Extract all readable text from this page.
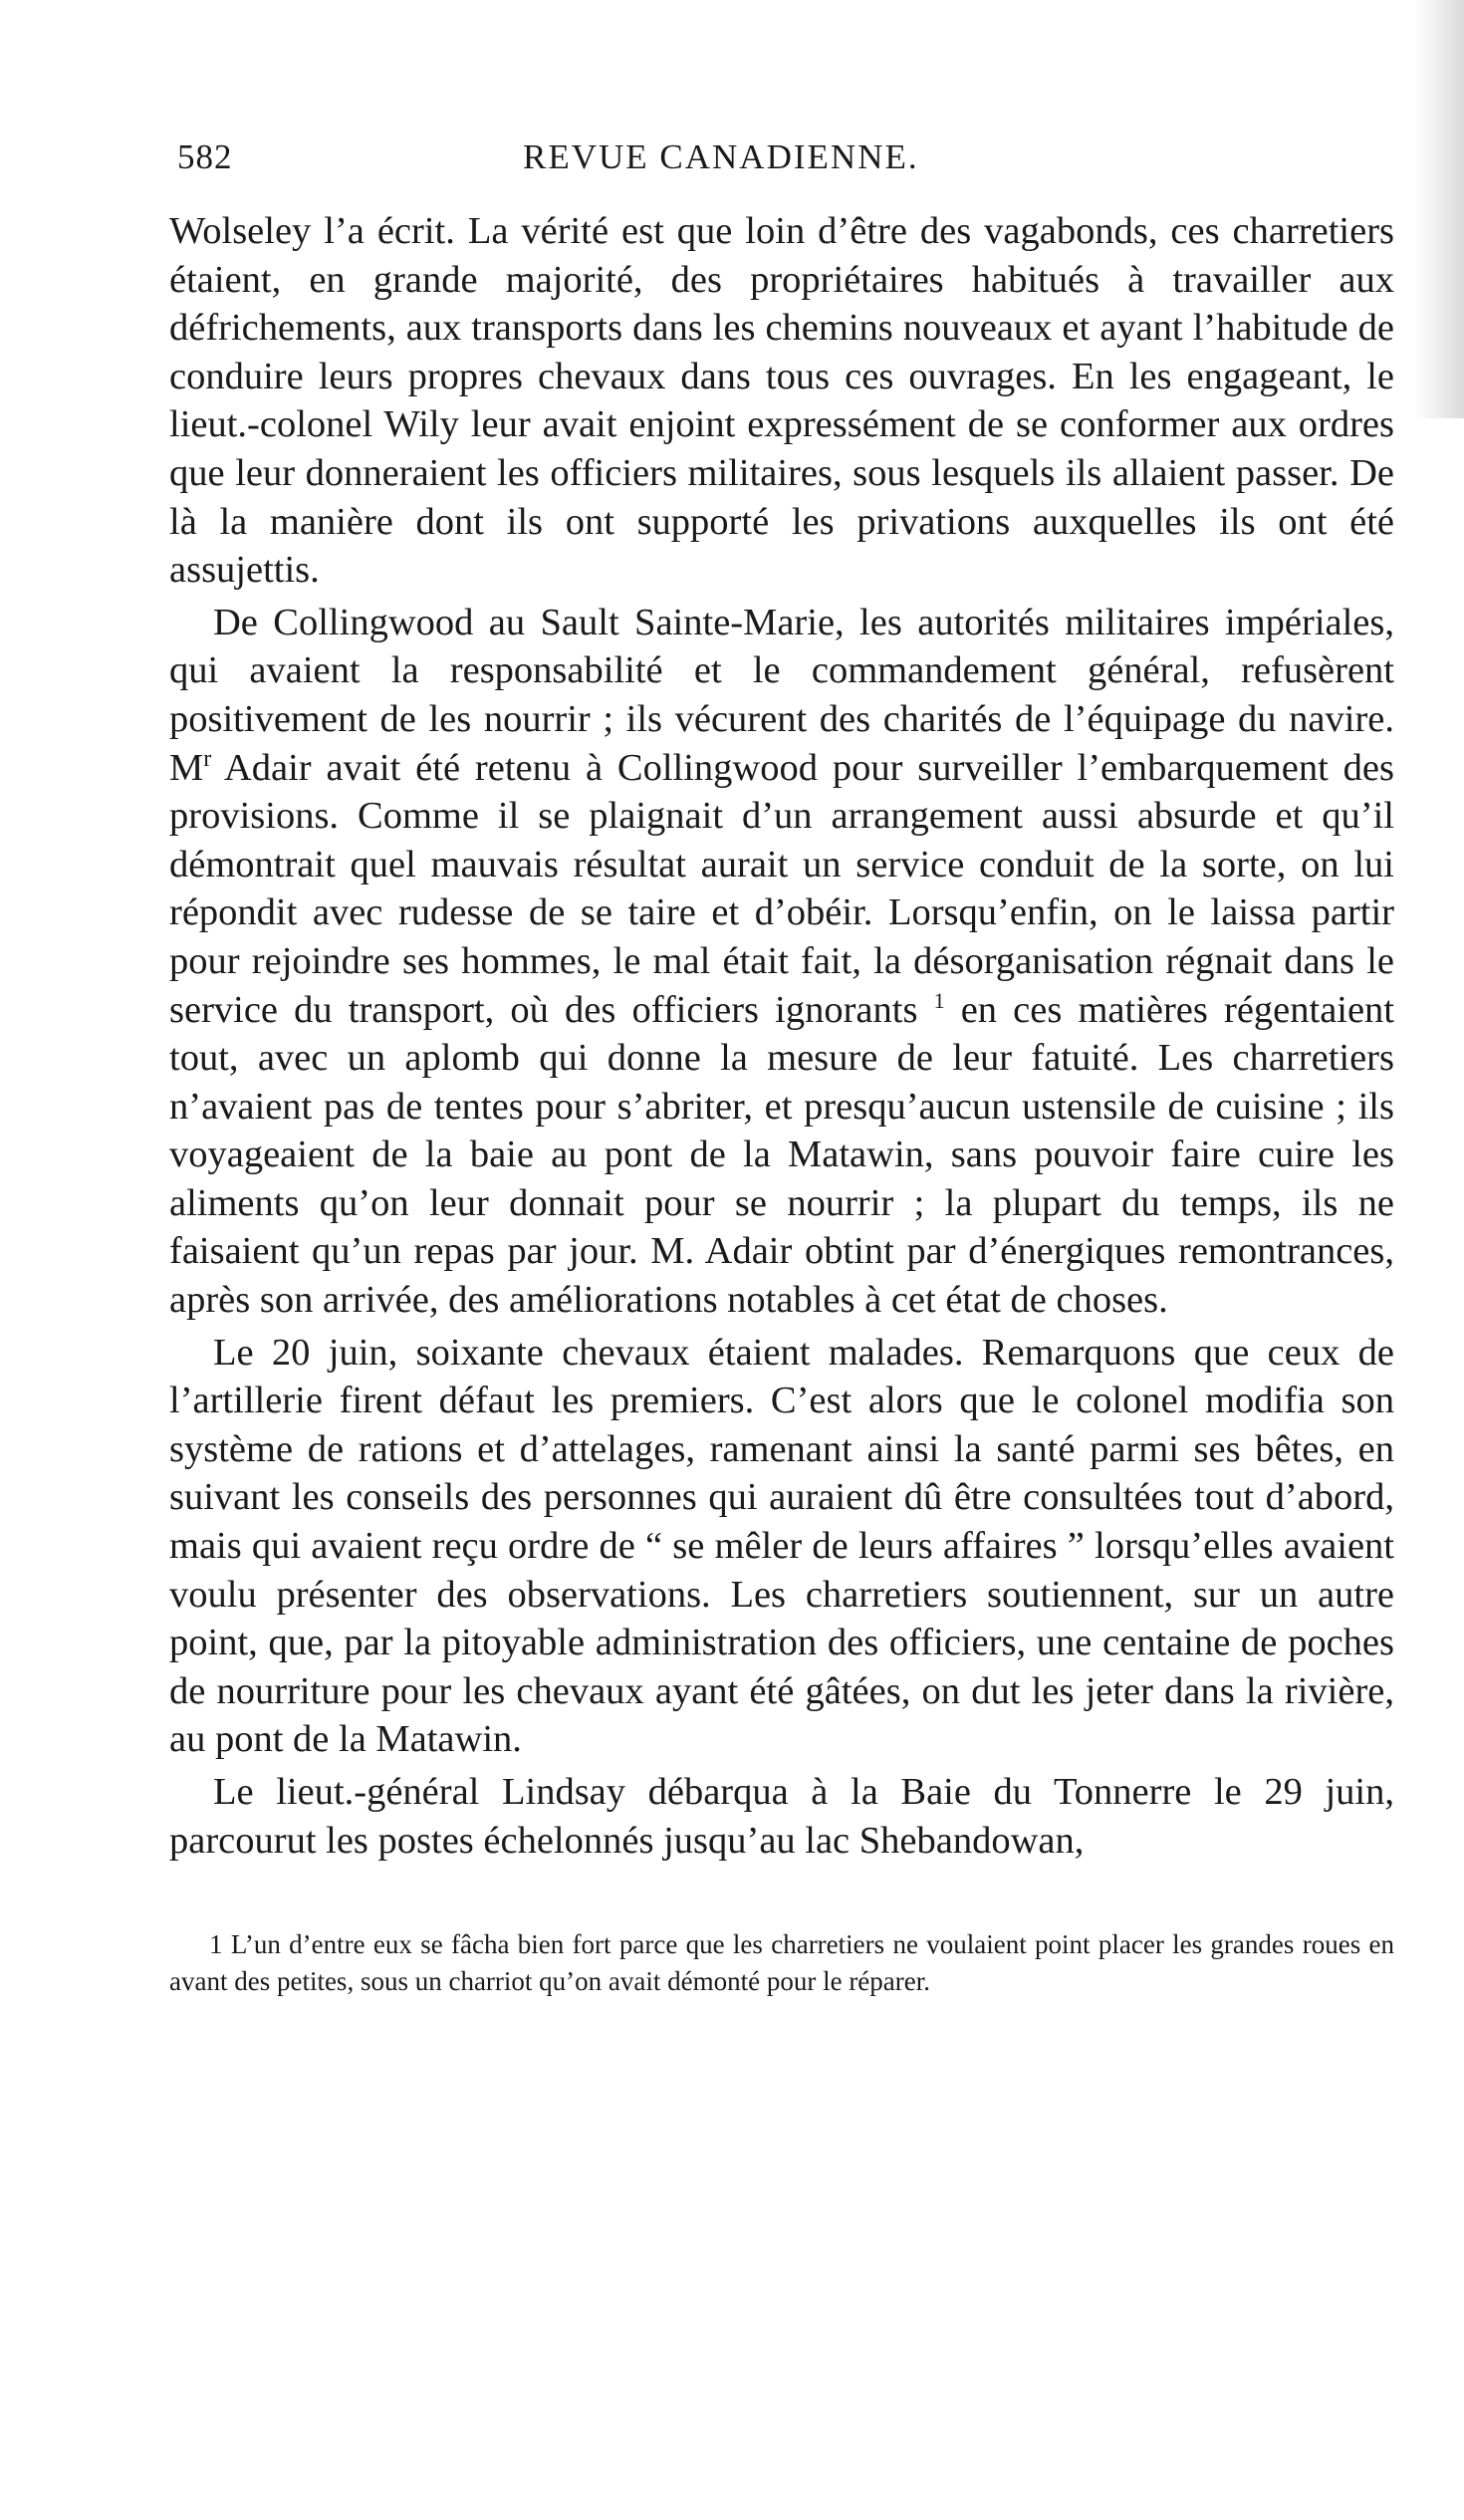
582	REVUE CANADIENNE.

Wolseley l’a écrit. La vérité est que loin d’être des vagabonds, ces charretiers étaient, en grande majorité, des propriétaires habitués à travailler aux défrichements, aux transports dans les chemins nouveaux et ayant l’habitude de conduire leurs propres chevaux dans tous ces ouvrages. En les engageant, le lieut.-colonel Wily leur avait enjoint expressément de se conformer aux ordres que leur donneraient les officiers militaires, sous lesquels ils allaient passer. De là la manière dont ils ont supporté les privations auxquelles ils ont été assujettis.

De Collingwood au Sault Sainte-Marie, les autorités militaires impériales, qui avaient la responsabilité et le commandement général, refusèrent positivement de les nourrir ; ils vécurent des charités de l’équipage du navire. $M^r$ Adair avait été retenu à Collingwood pour surveiller l’embarquement des provisions. Comme il se plaignait d’un arrangement aussi absurde et qu’il démontrait quel mauvais résultat aurait un service conduit de la sorte, on lui répondit avec rudesse de se taire et d’obéir. Lorsqu’enfin, on le laissa partir pour rejoindre ses hommes, le mal était fait, la désorganisation régnait dans le service du transport, où des officiers ignorants $^1$ en ces matières régentaient tout, avec un aplomb qui donne la mesure de leur fatuité. Les charretiers n’avaient pas de tentes pour s’abriter, et presqu’aucun ustensile de cuisine ; ils voyageaient de la baie au pont de la Matawin, sans pouvoir faire cuire les aliments qu’on leur donnait pour se nourrir ; la plupart du temps, ils ne faisaient qu’un repas par jour. M. Adair obtint par d’énergiques remontrances, après son arrivée, des améliorations notables à cet état de choses.

Le 20 juin, soixante chevaux étaient malades. Remarquons que ceux de l’artillerie firent défaut les premiers. C’est alors que le colonel modifia son système de rations et d’attelages, ramenant ainsi la santé parmi ses bêtes, en suivant les conseils des personnes qui auraient dû être consultées tout d’abord, mais qui avaient reçu ordre de “ se mêler de leurs affaires ” lorsqu’elles avaient voulu présenter des observations. Les charretiers soutiennent, sur un autre point, que, par la pitoyable administration des officiers, une centaine de poches de nourriture pour les chevaux ayant été gâtées, on dut les jeter dans la rivière, au pont de la Matawin.

Le lieut.-général Lindsay débarqua à la Baie du Tonnerre le 29 juin, parcourut les postes échelonnés jusqu’au lac Shebandowan,

1 L’un d’entre eux se fâcha bien fort parce que les charretiers ne voulaient point placer les grandes roues en avant des petites, sous un charriot qu’on avait démonté pour le réparer.
